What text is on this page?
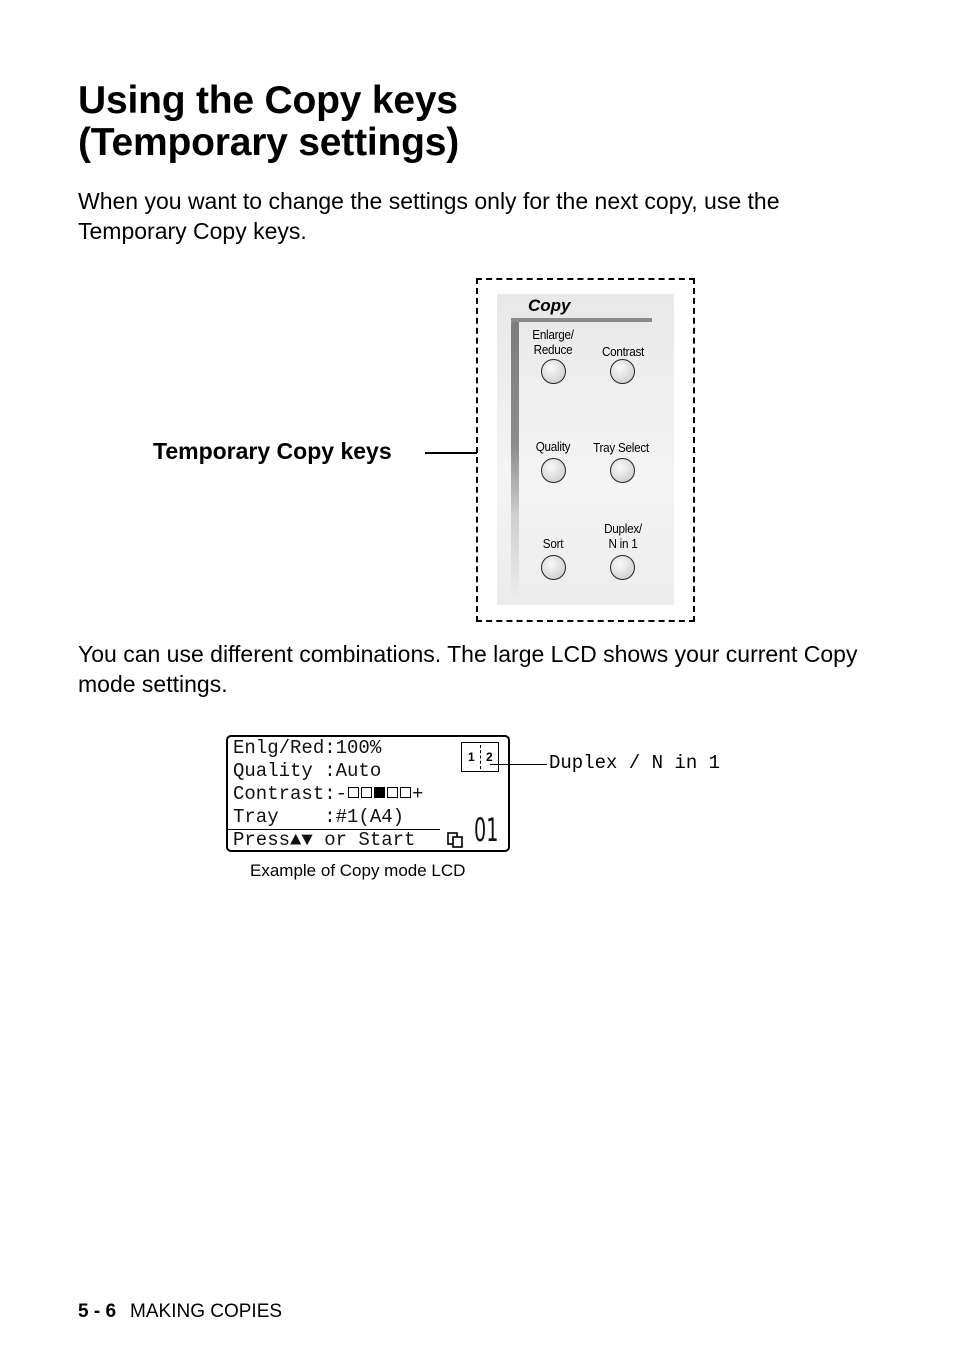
Using the Copy keys
(Temporary settings)

When you want to change the settings only for the next copy, use the Temporary Copy keys.

Temporary Copy keys
Copy
Enlarge/
Reduce	Contrast
Quality	Tray Select
Sort
Duplex/
N in 1

You can use different combinations. The large LCD shows your current Copy mode settings.

Enlg/Red:100%
Quality :Auto
Contrast:-	+
Tray    :#1(A4)
Press▲▼ or Start
1 2
01
Duplex / N in 1
Example of Copy mode LCD
5 - 6 MAKING COPIES
